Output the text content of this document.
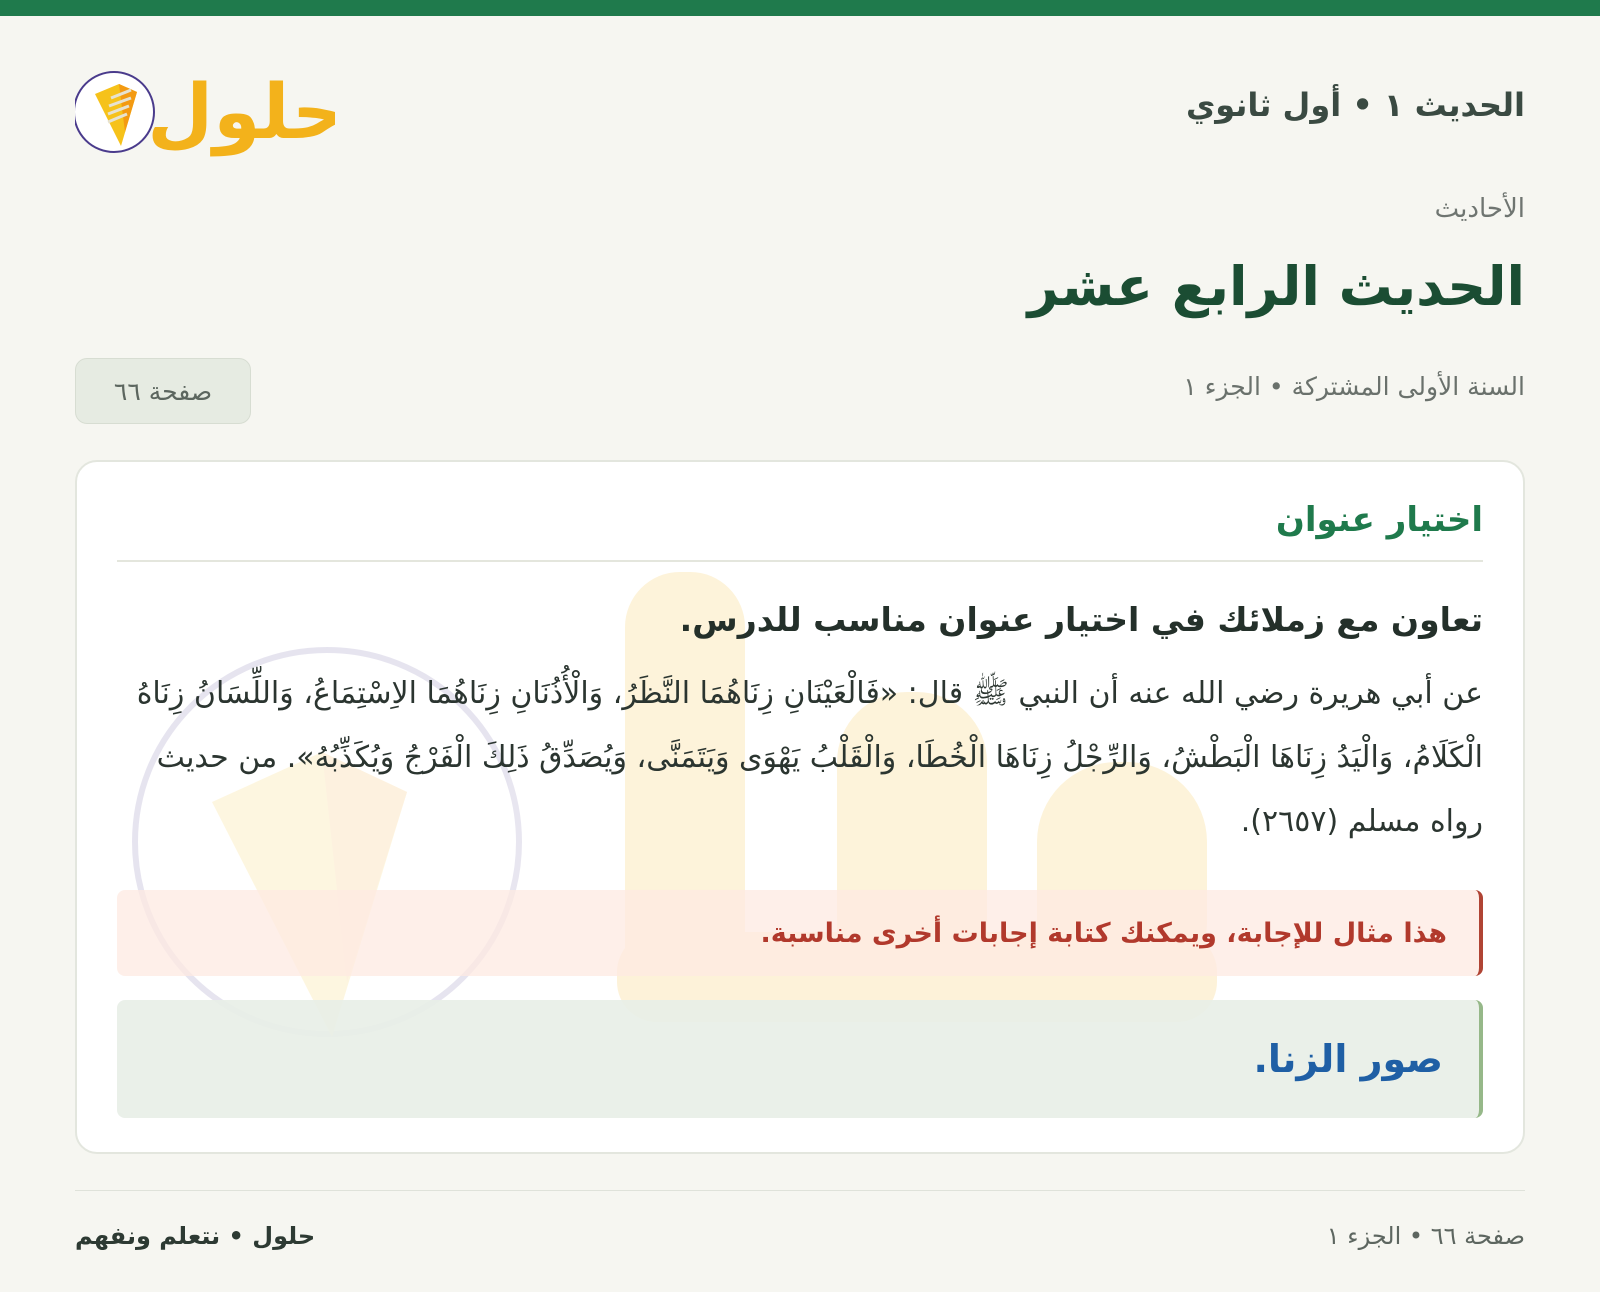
الحديث ١ • أول ثانوي
حلول
الأحاديث
الحديث الرابع عشر
السنة الأولى المشتركة • الجزء ١
صفحة ٦٦
اختيار عنوان
تعاون مع زملائك في اختيار عنوان مناسب للدرس.

عن أبي هريرة رضي الله عنه أن النبي ﷺ قال: «فَالْعَيْنَانِ زِنَاهُمَا النَّظَرُ، وَالْأُذُنَانِ زِنَاهُمَا الاِسْتِمَاعُ، وَاللِّسَانُ زِنَاهُ الْكَلَامُ، وَالْيَدُ زِنَاهَا الْبَطْشُ، وَالرِّجْلُ زِنَاهَا الْخُطَا، وَالْقَلْبُ يَهْوَى وَيَتَمَنَّى، وَيُصَدِّقُ ذَلِكَ الْفَرْجُ وَيُكَذِّبُهُ». من حديث رواه مسلم (٢٦٥٧).

هذا مثال للإجابة، ويمكنك كتابة إجابات أخرى مناسبة.
صور الزنا.
حلول • نتعلم ونفهم	صفحة ٦٦ • الجزء ١
